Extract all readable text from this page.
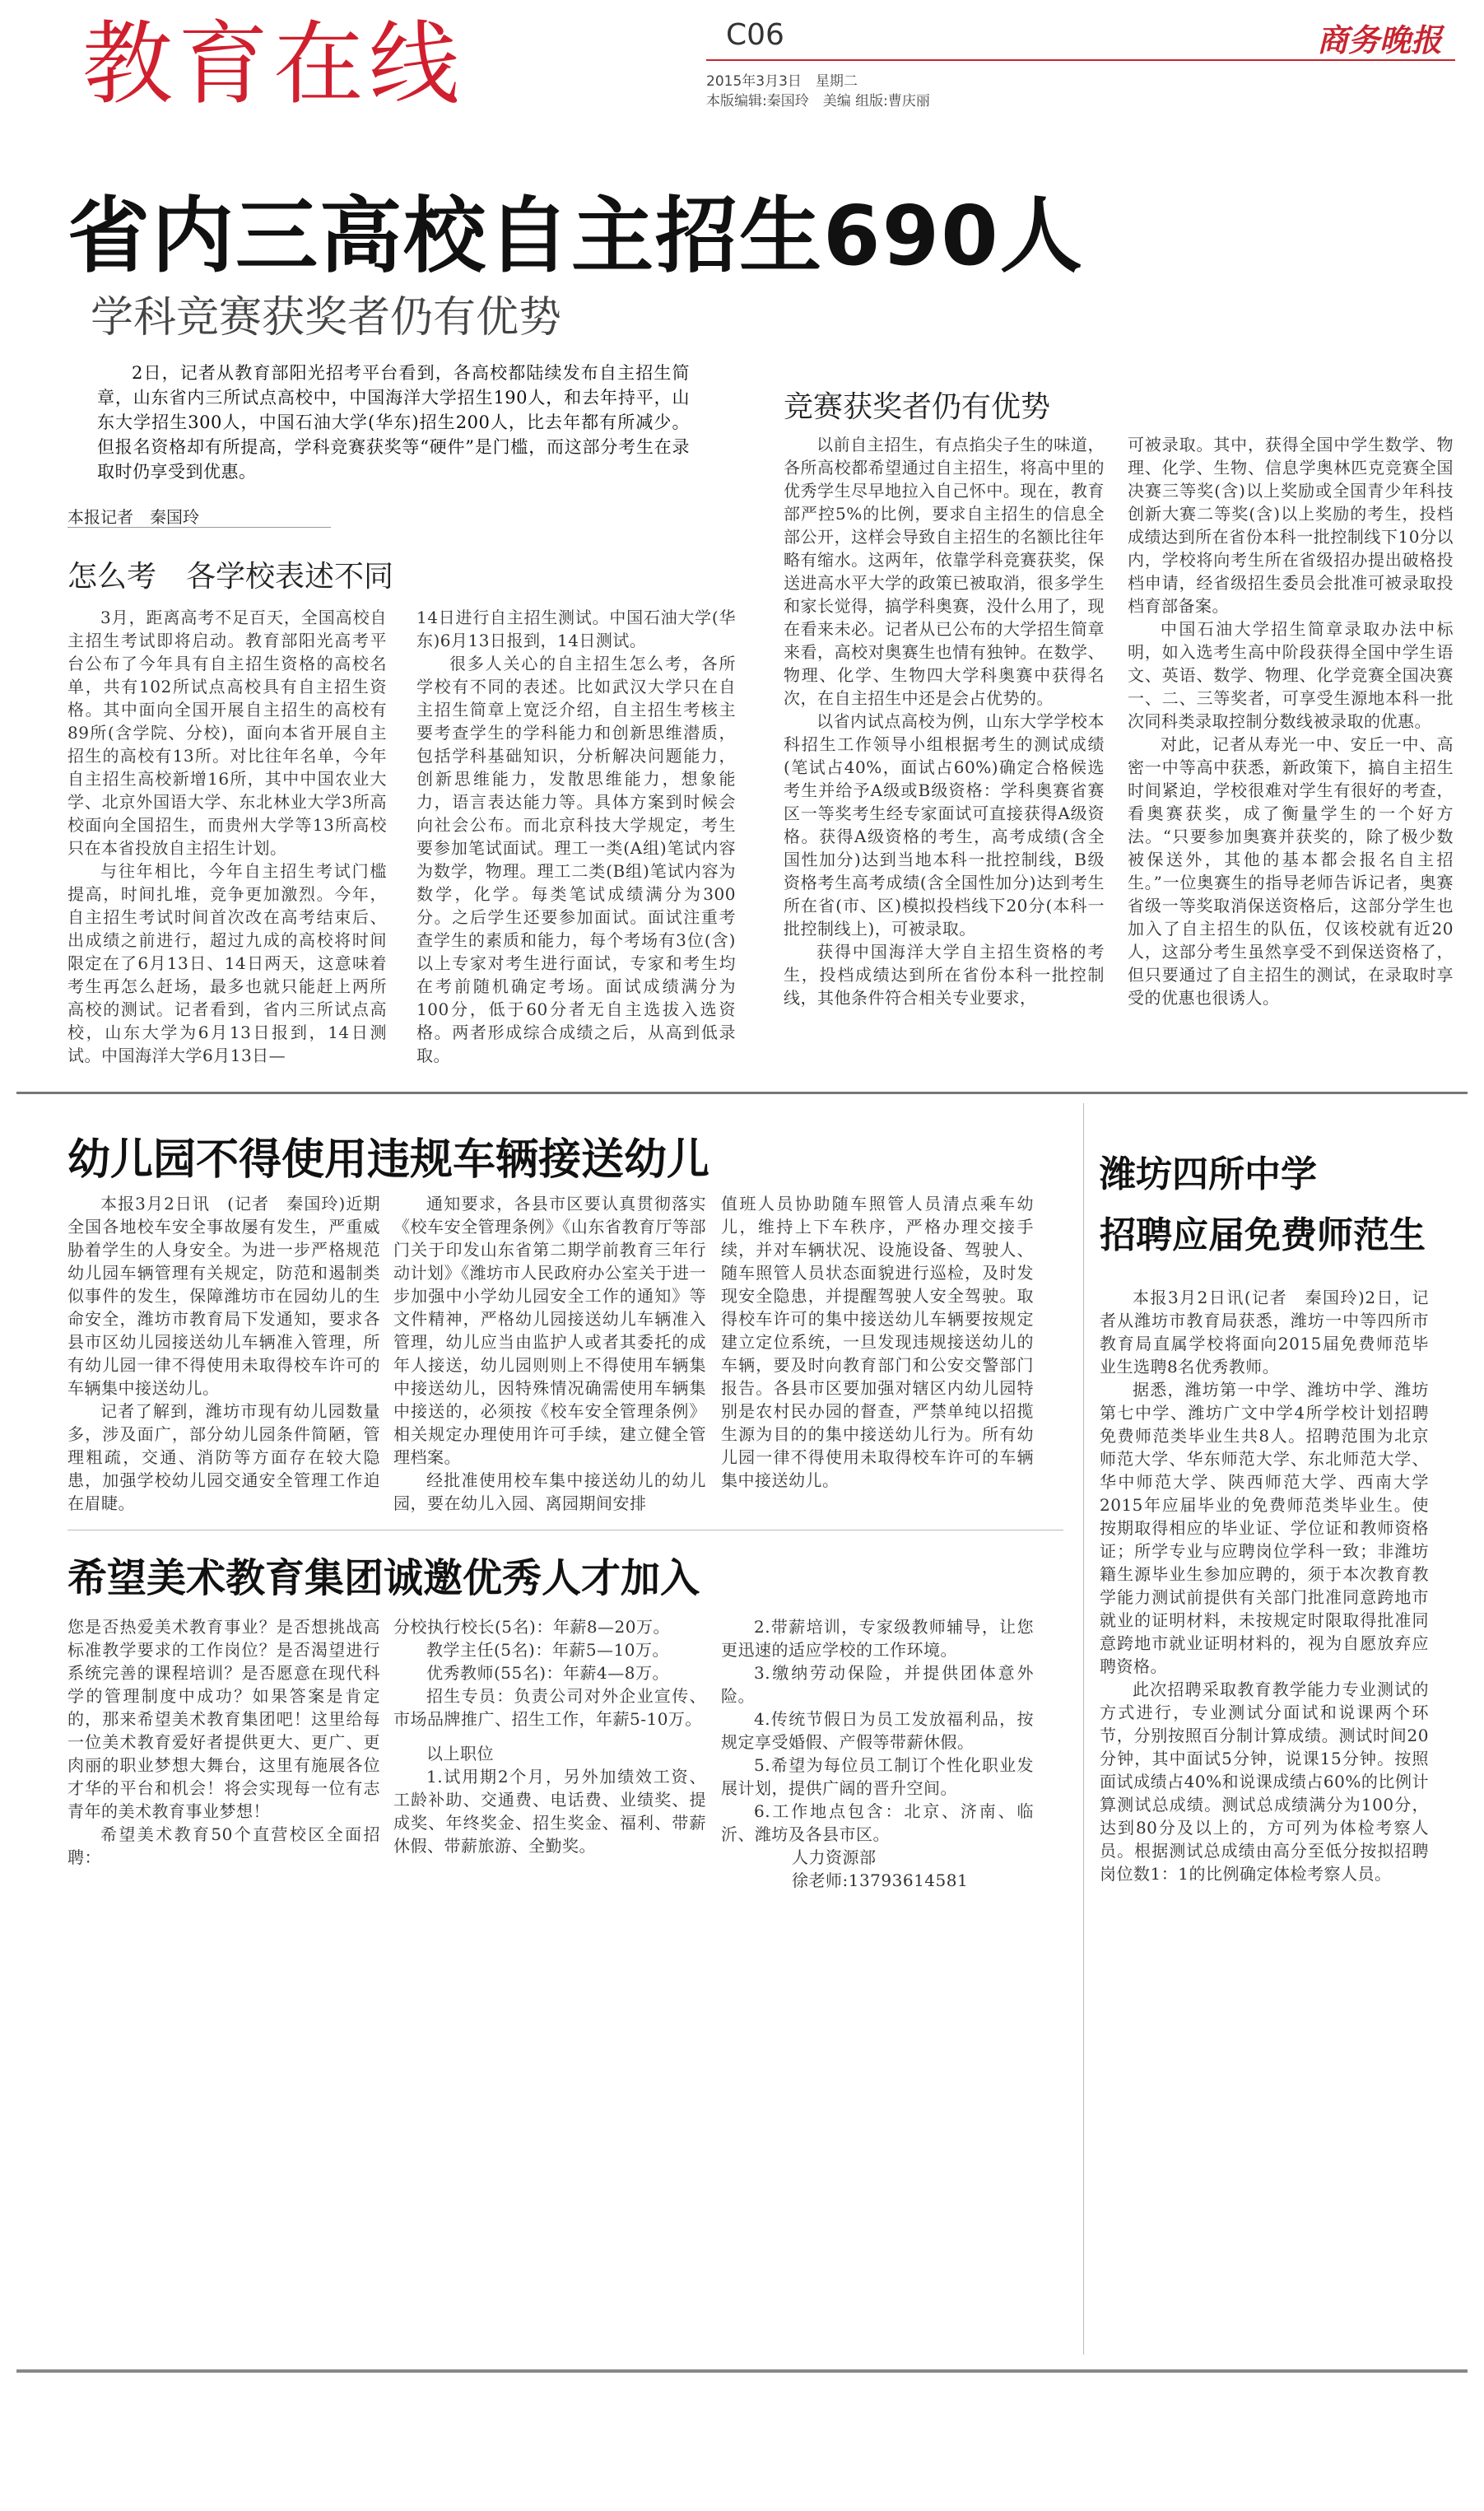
教育在线	C06	商务晚报
2015年3月3日　星期二
本版编辑:秦国玲　美编 组版:曹庆丽
省内三高校自主招生690人
学科竞赛获奖者仍有优势

2日，记者从教育部阳光招考平台看到，各高校都陆续发布自主招生简章，山东省内三所试点高校中，中国海洋大学招生190人，和去年持平，山东大学招生300人，中国石油大学(华东)招生200人，比去年都有所减少。但报名资格却有所提高，学科竞赛获奖等“硬件”是门槛，而这部分考生在录取时仍享受到优惠。

本报记者　秦国玲
怎么考　各学校表述不同

3月，距离高考不足百天，全国高校自主招生考试即将启动。教育部阳光高考平台公布了今年具有自主招生资格的高校名单，共有102所试点高校具有自主招生资格。其中面向全国开展自主招生的高校有89所(含学院、分校)，面向本省开展自主招生的高校有13所。对比往年名单，今年自主招生高校新增16所，其中中国农业大学、北京外国语大学、东北林业大学3所高校面向全国招生，而贵州大学等13所高校只在本省投放自主招生计划。

与往年相比，今年自主招生考试门槛提高，时间扎堆，竞争更加激烈。今年，自主招生考试时间首次改在高考结束后、出成绩之前进行，超过九成的高校将时间限定在了6月13日、14日两天，这意味着考生再怎么赶场，最多也就只能赶上两所高校的测试。记者看到，省内三所试点高校，山东大学为6月13日报到，14日测试。中国海洋大学6月13日—

14日进行自主招生测试。中国石油大学(华东)6月13日报到，14日测试。

很多人关心的自主招生怎么考，各所学校有不同的表述。比如武汉大学只在自主招生简章上宽泛介绍，自主招生考核主要考查学生的学科能力和创新思维潜质，包括学科基础知识，分析解决问题能力，创新思维能力，发散思维能力，想象能力，语言表达能力等。具体方案到时候会向社会公布。而北京科技大学规定，考生要参加笔试面试。理工一类(A组)笔试内容为数学，物理。理工二类(B组)笔试内容为数学，化学。每类笔试成绩满分为300分。之后学生还要参加面试。面试注重考查学生的素质和能力，每个考场有3位(含)以上专家对考生进行面试，专家和考生均在考前随机确定考场。面试成绩满分为100分，低于60分者无自主选拔入选资格。两者形成综合成绩之后，从高到低录取。

竞赛获奖者仍有优势

以前自主招生，有点掐尖子生的味道，各所高校都希望通过自主招生，将高中里的优秀学生尽早地拉入自己怀中。现在，教育部严控5%的比例，要求自主招生的信息全部公开，这样会导致自主招生的名额比往年略有缩水。这两年，依靠学科竞赛获奖，保送进高水平大学的政策已被取消，很多学生和家长觉得，搞学科奥赛，没什么用了，现在看来未必。记者从已公布的大学招生简章来看，高校对奥赛生也情有独钟。在数学、物理、化学、生物四大学科奥赛中获得名次，在自主招生中还是会占优势的。

以省内试点高校为例，山东大学学校本科招生工作领导小组根据考生的测试成绩(笔试占40%，面试占60%)确定合格候选考生并给予A级或B级资格：学科奥赛省赛区一等奖考生经专家面试可直接获得A级资格。获得A级资格的考生，高考成绩(含全国性加分)达到当地本科一批控制线，B级资格考生高考成绩(含全国性加分)达到考生所在省(市、区)模拟投档线下20分(本科一批控制线上)，可被录取。

获得中国海洋大学自主招生资格的考生，投档成绩达到所在省份本科一批控制线，其他条件符合相关专业要求，

可被录取。其中，获得全国中学生数学、物理、化学、生物、信息学奥林匹克竞赛全国决赛三等奖(含)以上奖励或全国青少年科技创新大赛二等奖(含)以上奖励的考生，投档成绩达到所在省份本科一批控制线下10分以内，学校将向考生所在省级招办提出破格投档申请，经省级招生委员会批准可被录取投档育部备案。

中国石油大学招生简章录取办法中标明，如入选考生高中阶段获得全国中学生语文、英语、数学、物理、化学竞赛全国决赛一、二、三等奖者，可享受生源地本科一批次同科类录取控制分数线被录取的优惠。

对此，记者从寿光一中、安丘一中、高密一中等高中获悉，新政策下，搞自主招生时间紧迫，学校很难对学生有很好的考查，看奥赛获奖，成了衡量学生的一个好方法。“只要参加奥赛并获奖的，除了极少数被保送外，其他的基本都会报名自主招生。”一位奥赛生的指导老师告诉记者，奥赛省级一等奖取消保送资格后，这部分学生也加入了自主招生的队伍，仅该校就有近20人，这部分考生虽然享受不到保送资格了，但只要通过了自主招生的测试，在录取时享受的优惠也很诱人。

幼儿园不得使用违规车辆接送幼儿

本报3月2日讯　(记者　秦国玲)近期全国各地校车安全事故屡有发生，严重威胁着学生的人身安全。为进一步严格规范幼儿园车辆管理有关规定，防范和遏制类似事件的发生，保障潍坊市在园幼儿的生命安全，潍坊市教育局下发通知，要求各县市区幼儿园接送幼儿车辆准入管理，所有幼儿园一律不得使用未取得校车许可的车辆集中接送幼儿。

记者了解到，潍坊市现有幼儿园数量多，涉及面广，部分幼儿园条件简陋，管理粗疏，交通、消防等方面存在较大隐患，加强学校幼儿园交通安全管理工作迫在眉睫。

通知要求，各县市区要认真贯彻落实《校车安全管理条例》《山东省教育厅等部门关于印发山东省第二期学前教育三年行动计划》《潍坊市人民政府办公室关于进一步加强中小学幼儿园安全工作的通知》等文件精神，严格幼儿园接送幼儿车辆准入管理，幼儿应当由监护人或者其委托的成年人接送，幼儿园则则上不得使用车辆集中接送幼儿，因特殊情况确需使用车辆集中接送的，必须按《校车安全管理条例》相关规定办理使用许可手续，建立健全管理档案。

经批准使用校车集中接送幼儿的幼儿园，要在幼儿入园、离园期间安排

值班人员协助随车照管人员清点乘车幼儿，维持上下车秩序，严格办理交接手续，并对车辆状况、设施设备、驾驶人、随车照管人员状态面貌进行巡检，及时发现安全隐患，并提醒驾驶人安全驾驶。取得校车许可的集中接送幼儿车辆要按规定建立定位系统，一旦发现违规接送幼儿的车辆，要及时向教育部门和公安交警部门报告。各县市区要加强对辖区内幼儿园特别是农村民办园的督查，严禁单纯以招揽生源为目的的集中接送幼儿行为。所有幼儿园一律不得使用未取得校车许可的车辆集中接送幼儿。

潍坊四所中学
招聘应届免费师范生

本报3月2日讯(记者　秦国玲)2日，记者从潍坊市教育局获悉，潍坊一中等四所市教育局直属学校将面向2015届免费师范毕业生选聘8名优秀教师。

据悉，潍坊第一中学、潍坊中学、潍坊第七中学、潍坊广文中学4所学校计划招聘免费师范类毕业生共8人。招聘范围为北京师范大学、华东师范大学、东北师范大学、华中师范大学、陕西师范大学、西南大学2015年应届毕业的免费师范类毕业生。使按期取得相应的毕业证、学位证和教师资格证；所学专业与应聘岗位学科一致；非潍坊籍生源毕业生参加应聘的，须于本次教育教学能力测试前提供有关部门批准同意跨地市就业的证明材料，未按规定时限取得批准同意跨地市就业证明材料的，视为自愿放弃应聘资格。

此次招聘采取教育教学能力专业测试的方式进行，专业测试分面试和说课两个环节，分别按照百分制计算成绩。测试时间20分钟，其中面试5分钟，说课15分钟。按照面试成绩占40%和说课成绩占60%的比例计算测试总成绩。测试总成绩满分为100分，达到80分及以上的，方可列为体检考察人员。根据测试总成绩由高分至低分按拟招聘岗位数1：1的比例确定体检考察人员。

希望美术教育集团诚邀优秀人才加入

您是否热爱美术教育事业？是否想挑战高标准教学要求的工作岗位？是否渴望进行系统完善的课程培训？是否愿意在现代科学的管理制度中成功？如果答案是肯定的，那来希望美术教育集团吧！这里给每一位美术教育爱好者提供更大、更广、更肉丽的职业梦想大舞台，这里有施展各位才华的平台和机会！将会实现每一位有志青年的美术教育事业梦想！

希望美术教育50个直营校区全面招聘：

分校执行校长(5名)：年薪8—20万。

教学主任(5名)：年薪5—10万。

优秀教师(55名)：年薪4—8万。

招生专员：负责公司对外企业宣传、市场品牌推广、招生工作，年薪5-10万。

以上职位

1.试用期2个月，另外加绩效工资、工龄补助、交通费、电话费、业绩奖、提成奖、年终奖金、招生奖金、福利、带薪休假、带薪旅游、全勤奖。

2.带薪培训，专家级教师辅导，让您更迅速的适应学校的工作环境。

3.缴纳劳动保险，并提供团体意外险。

4.传统节假日为员工发放福利品，按规定享受婚假、产假等带薪休假。

5.希望为每位员工制订个性化职业发展计划，提供广阔的晋升空间。

6.工作地点包含：北京、济南、临沂、潍坊及各县市区。

人力资源部

徐老师:13793614581
